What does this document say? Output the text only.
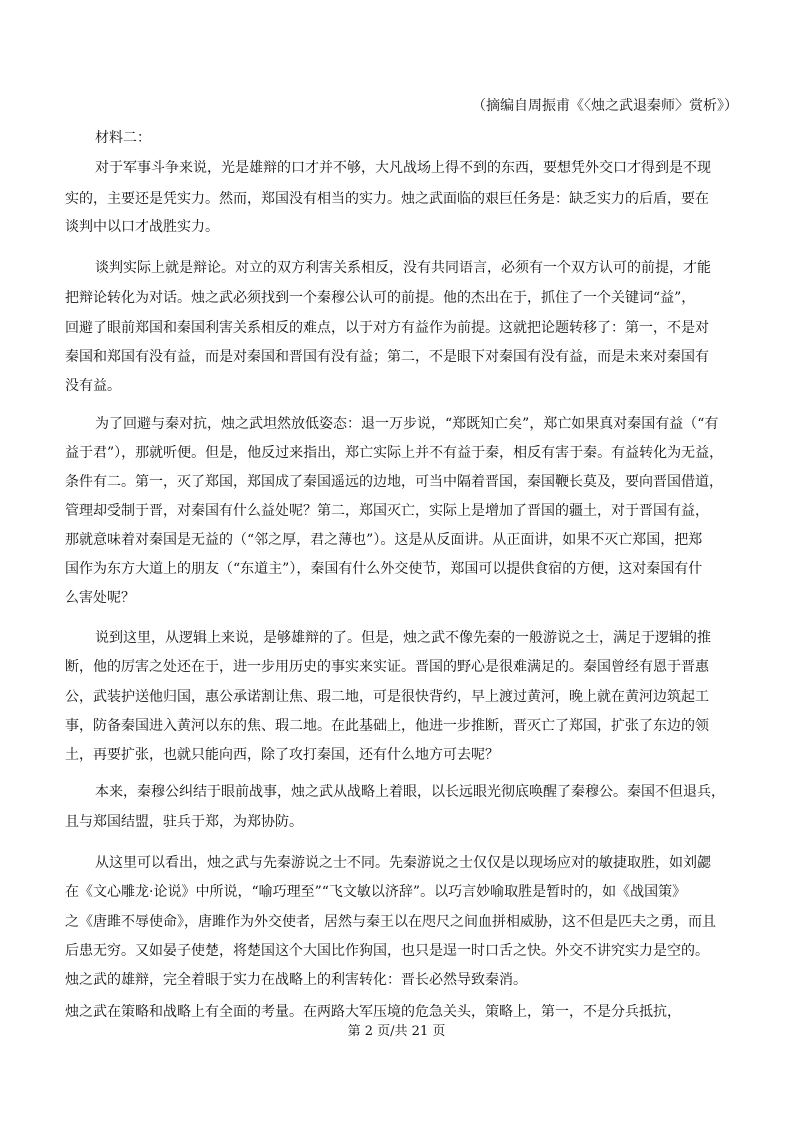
（摘编自周振甫《〈烛之武退秦师〉赏析》）
材料二：
对于军事斗争来说，光是雄辩的口才并不够，大凡战场上得不到的东西，要想凭外交口才得到是不现
实的，主要还是凭实力。然而，郑国没有相当的实力。烛之武面临的艰巨任务是：缺乏实力的后盾，要在
谈判中以口才战胜实力。
谈判实际上就是辩论。对立的双方利害关系相反，没有共同语言，必须有一个双方认可的前提，才能
把辩论转化为对话。烛之武必须找到一个秦穆公认可的前提。他的杰出在于，抓住了一个关键词“益”，
回避了眼前郑国和秦国利害关系相反的难点，以于对方有益作为前提。这就把论题转移了：第一，不是对
秦国和郑国有没有益，而是对秦国和晋国有没有益；第二，不是眼下对秦国有没有益，而是未来对秦国有
没有益。
为了回避与秦对抗，烛之武坦然放低姿态：退一万步说，“郑既知亡矣”，郑亡如果真对秦国有益（“有
益于君”），那就听便。但是，他反过来指出，郑亡实际上并不有益于秦，相反有害于秦。有益转化为无益，
条件有二。第一，灭了郑国，郑国成了秦国遥远的边地，可当中隔着晋国，秦国鞭长莫及，要向晋国借道，
管理却受制于晋，对秦国有什么益处呢？第二，郑国灭亡，实际上是增加了晋国的疆土，对于晋国有益，
那就意味着对秦国是无益的（“邻之厚，君之薄也”）。这是从反面讲。从正面讲，如果不灭亡郑国，把郑
国作为东方大道上的朋友（“东道主”），秦国有什么外交使节，郑国可以提供食宿的方便，这对秦国有什
么害处呢？
说到这里，从逻辑上来说，是够雄辩的了。但是，烛之武不像先秦的一般游说之士，满足于逻辑的推
断，他的厉害之处还在于，进一步用历史的事实来实证。晋国的野心是很难满足的。秦国曾经有恩于晋惠
公，武装护送他归国，惠公承诺割让焦、瑕二地，可是很快背约，早上渡过黄河，晚上就在黄河边筑起工
事，防备秦国进入黄河以东的焦、瑕二地。在此基础上，他进一步推断，晋灭亡了郑国，扩张了东边的领
土，再要扩张，也就只能向西，除了攻打秦国，还有什么地方可去呢？
本来，秦穆公纠结于眼前战事，烛之武从战略上着眼，以长远眼光彻底唤醒了秦穆公。秦国不但退兵，
且与郑国结盟，驻兵于郑，为郑协防。
从这里可以看出，烛之武与先秦游说之士不同。先秦游说之士仅仅是以现场应对的敏捷取胜，如刘勰
在《文心雕龙·论说》中所说，“喻巧理至”“飞文敏以济辞”。以巧言妙喻取胜是暂时的，如《战国策》
之《唐雎不辱使命》，唐雎作为外交使者，居然与秦王以在咫尺之间血拼相威胁，这不但是匹夫之勇，而且
后患无穷。又如晏子使楚，将楚国这个大国比作狗国，也只是逞一时口舌之快。外交不讲究实力是空的。
烛之武的雄辩，完全着眼于实力在战略上的利害转化：晋长必然导致秦消。
烛之武在策略和战略上有全面的考量。在两路大军压境的危急关头，策略上，第一，不是分兵抵抗，
第 2 页/共 21 页
